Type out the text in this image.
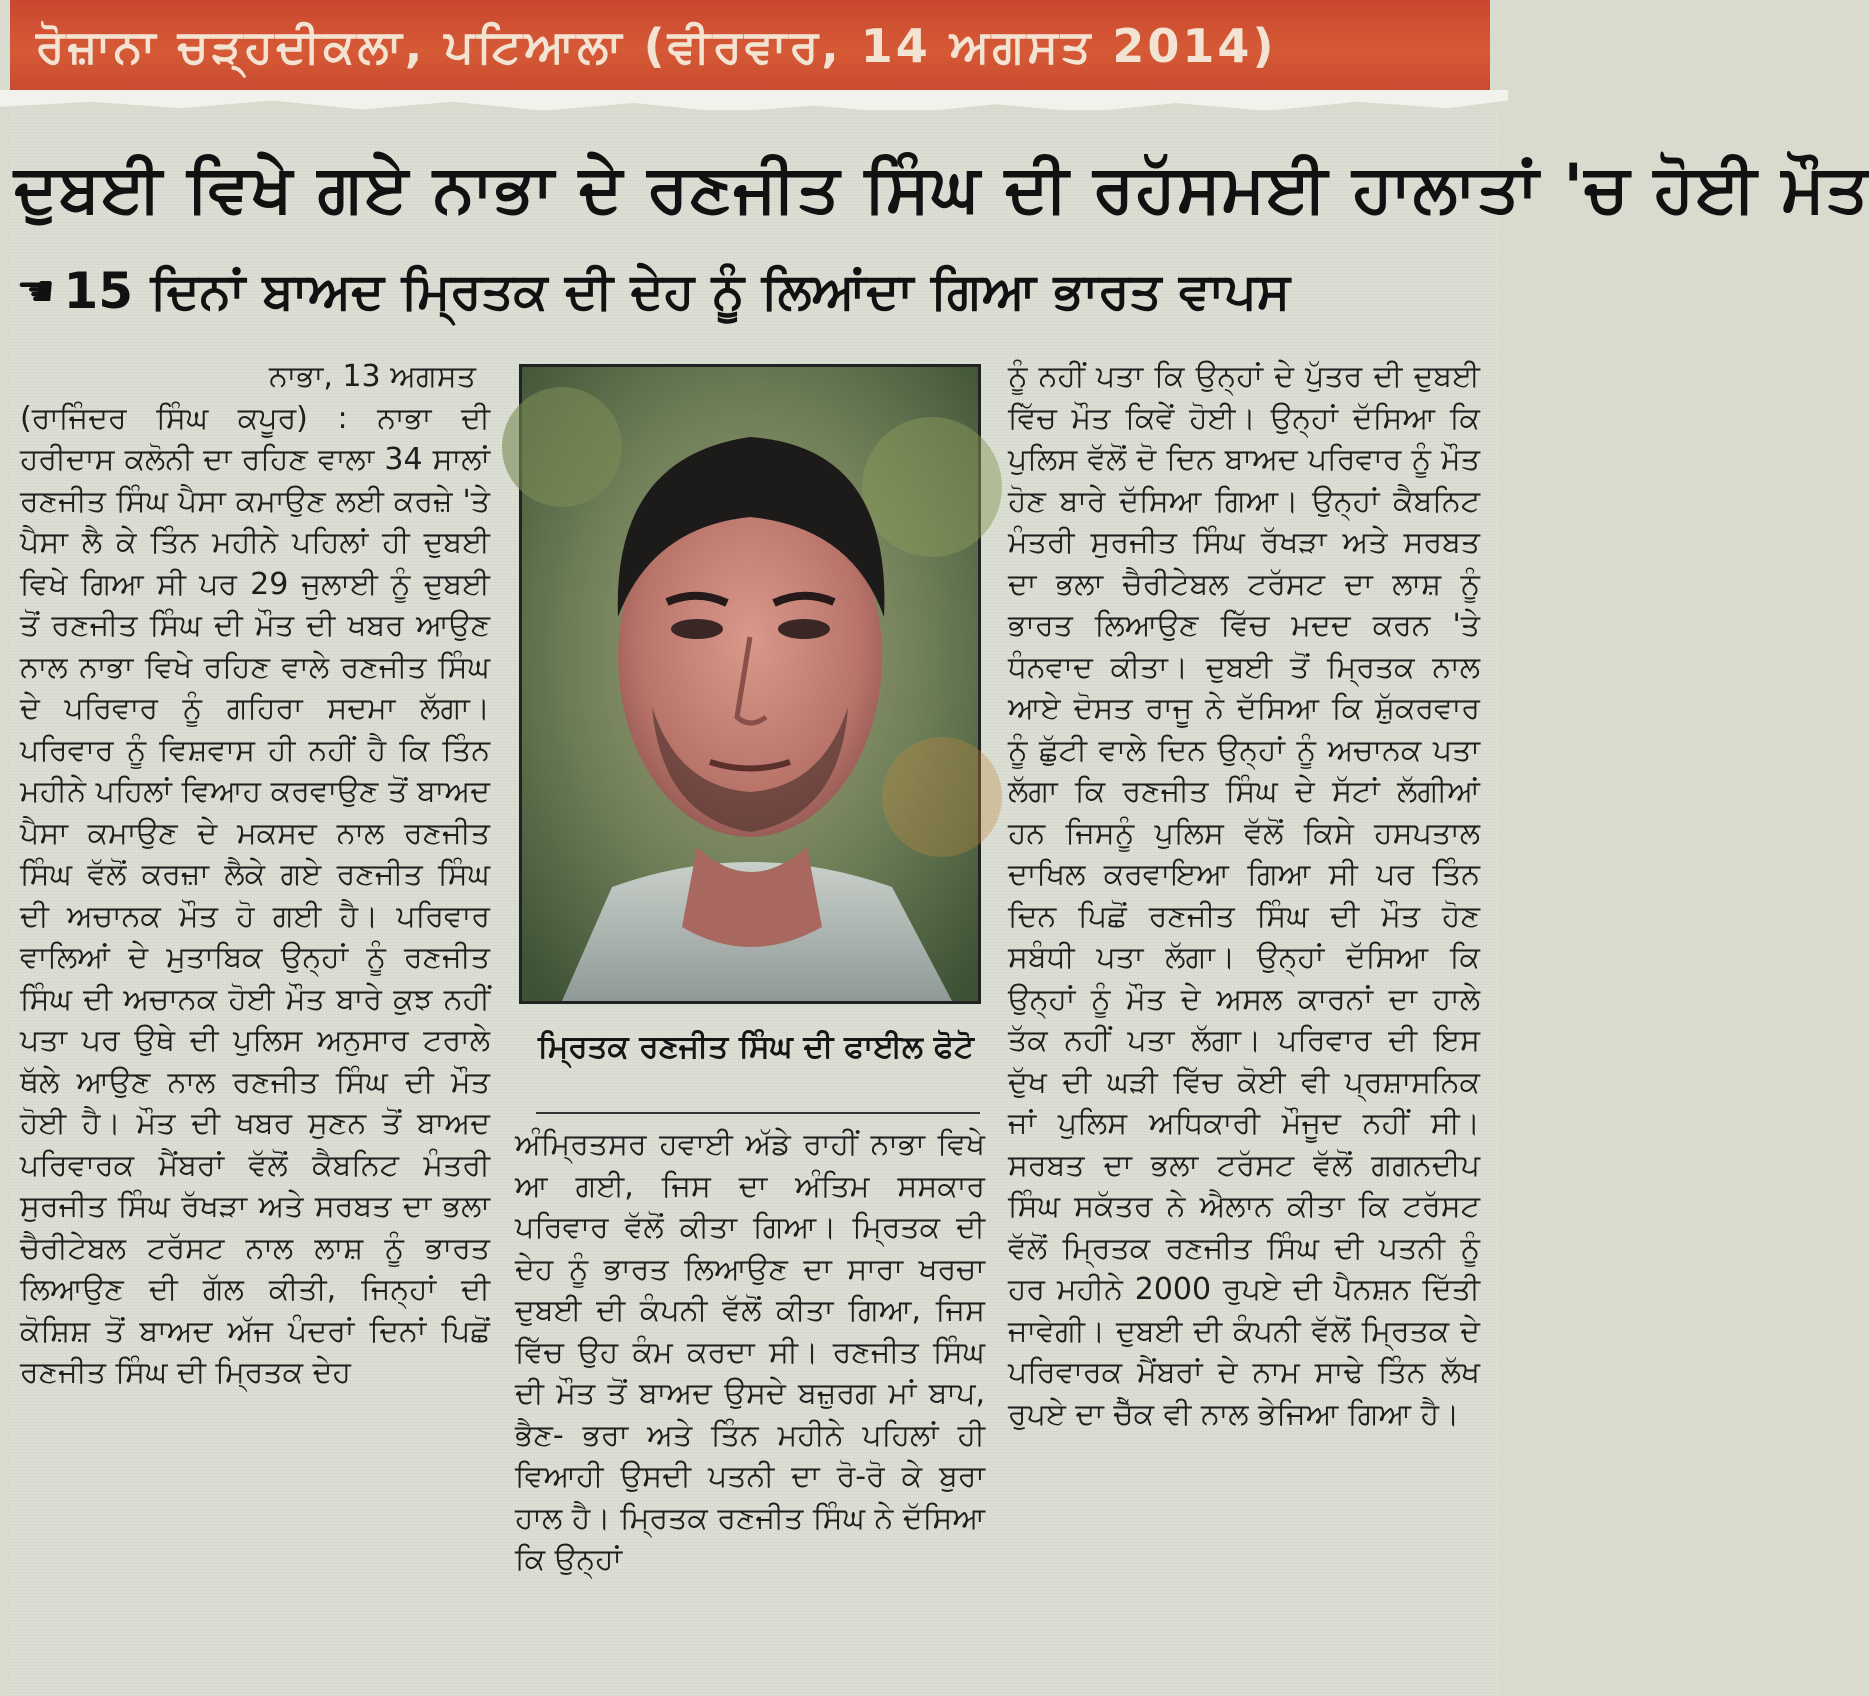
ਰੋਜ਼ਾਨਾ ਚੜ੍ਹਦੀਕਲਾ, ਪਟਿਆਲਾ (ਵੀਰਵਾਰ, 14 ਅਗਸਤ 2014)
ਦੁਬਈ ਵਿਖੇ ਗਏ ਨਾਭਾ ਦੇ ਰਣਜੀਤ ਸਿੰਘ ਦੀ ਰਹੱਸਮਈ ਹਾਲਾਤਾਂ 'ਚ ਹੋਈ ਮੌਤ
☚ 15 ਦਿਨਾਂ ਬਾਅਦ ਮ੍ਰਿਤਕ ਦੀ ਦੇਹ ਨੂੰ ਲਿਆਂਦਾ ਗਿਆ ਭਾਰਤ ਵਾਪਸ
ਨਾਭਾ, 13 ਅਗਸਤ
(ਰਾਜਿੰਦਰ ਸਿੰਘ ਕਪੂਰ) : ਨਾਭਾ ਦੀ ਹਰੀਦਾਸ ਕਲੋਨੀ ਦਾ ਰਹਿਣ ਵਾਲਾ 34 ਸਾਲਾਂ ਰਣਜੀਤ ਸਿੰਘ ਪੈਸਾ ਕਮਾਉਣ ਲਈ ਕਰਜ਼ੇ 'ਤੇ ਪੈਸਾ ਲੈ ਕੇ ਤਿੰਨ ਮਹੀਨੇ ਪਹਿਲਾਂ ਹੀ ਦੁਬਈ ਵਿਖੇ ਗਿਆ ਸੀ ਪਰ 29 ਜੁਲਾਈ ਨੂੰ ਦੁਬਈ ਤੋਂ ਰਣਜੀਤ ਸਿੰਘ ਦੀ ਮੌਤ ਦੀ ਖਬਰ ਆਉਣ ਨਾਲ ਨਾਭਾ ਵਿਖੇ ਰਹਿਣ ਵਾਲੇ ਰਣਜੀਤ ਸਿੰਘ ਦੇ ਪਰਿਵਾਰ ਨੂੰ ਗਹਿਰਾ ਸਦਮਾ ਲੱਗਾ। ਪਰਿਵਾਰ ਨੂੰ ਵਿਸ਼ਵਾਸ ਹੀ ਨਹੀਂ ਹੈ ਕਿ ਤਿੰਨ ਮਹੀਨੇ ਪਹਿਲਾਂ ਵਿਆਹ ਕਰਵਾਉਣ ਤੋਂ ਬਾਅਦ ਪੈਸਾ ਕਮਾਉਣ ਦੇ ਮਕਸਦ ਨਾਲ ਰਣਜੀਤ ਸਿੰਘ ਵੱਲੋਂ ਕਰਜ਼ਾ ਲੈਕੇ ਗਏ ਰਣਜੀਤ ਸਿੰਘ ਦੀ ਅਚਾਨਕ ਮੌਤ ਹੋ ਗਈ ਹੈ। ਪਰਿਵਾਰ ਵਾਲਿਆਂ ਦੇ ਮੁਤਾਬਿਕ ਉਨ੍ਹਾਂ ਨੂੰ ਰਣਜੀਤ ਸਿੰਘ ਦੀ ਅਚਾਨਕ ਹੋਈ ਮੌਤ ਬਾਰੇ ਕੁਝ ਨਹੀਂ ਪਤਾ ਪਰ ਉਥੇ ਦੀ ਪੁਲਿਸ ਅਨੁਸਾਰ ਟਰਾਲੇ ਥੱਲੇ ਆਉਣ ਨਾਲ ਰਣਜੀਤ ਸਿੰਘ ਦੀ ਮੌਤ ਹੋਈ ਹੈ। ਮੌਤ ਦੀ ਖਬਰ ਸੁਣਨ ਤੋਂ ਬਾਅਦ ਪਰਿਵਾਰਕ ਮੈਂਬਰਾਂ ਵੱਲੋਂ ਕੈਬਨਿਟ ਮੰਤਰੀ ਸੁਰਜੀਤ ਸਿੰਘ ਰੱਖੜਾ ਅਤੇ ਸਰਬਤ ਦਾ ਭਲਾ ਚੈਰੀਟੇਬਲ ਟਰੱਸਟ ਨਾਲ ਲਾਸ਼ ਨੂੰ ਭਾਰਤ ਲਿਆਉਣ ਦੀ ਗੱਲ ਕੀਤੀ, ਜਿਨ੍ਹਾਂ ਦੀ ਕੋਸ਼ਿਸ਼ ਤੋਂ ਬਾਅਦ ਅੱਜ ਪੰਦਰਾਂ ਦਿਨਾਂ ਪਿਛੋਂ ਰਣਜੀਤ ਸਿੰਘ ਦੀ ਮ੍ਰਿਤਕ ਦੇਹ
ਮ੍ਰਿਤਕ ਰਣਜੀਤ ਸਿੰਘ ਦੀ ਫਾਈਲ ਫੋਟੋ
ਅੰਮ੍ਰਿਤਸਰ ਹਵਾਈ ਅੱਡੇ ਰਾਹੀਂ ਨਾਭਾ ਵਿਖੇ ਆ ਗਈ, ਜਿਸ ਦਾ ਅੰਤਿਮ ਸਸਕਾਰ ਪਰਿਵਾਰ ਵੱਲੋਂ ਕੀਤਾ ਗਿਆ। ਮ੍ਰਿਤਕ ਦੀ ਦੇਹ ਨੂੰ ਭਾਰਤ ਲਿਆਉਣ ਦਾ ਸਾਰਾ ਖਰਚਾ ਦੁਬਈ ਦੀ ਕੰਪਨੀ ਵੱਲੋਂ ਕੀਤਾ ਗਿਆ, ਜਿਸ ਵਿੱਚ ਉਹ ਕੰਮ ਕਰਦਾ ਸੀ। ਰਣਜੀਤ ਸਿੰਘ ਦੀ ਮੌਤ ਤੋਂ ਬਾਅਦ ਉਸਦੇ ਬਜ਼ੁਰਗ ਮਾਂ ਬਾਪ, ਭੈਣ- ਭਰਾ ਅਤੇ ਤਿੰਨ ਮਹੀਨੇ ਪਹਿਲਾਂ ਹੀ ਵਿਆਹੀ ਉਸਦੀ ਪਤਨੀ ਦਾ ਰੋ-ਰੋ ਕੇ ਬੁਰਾ ਹਾਲ ਹੈ। ਮ੍ਰਿਤਕ ਰਣਜੀਤ ਸਿੰਘ ਨੇ ਦੱਸਿਆ ਕਿ ਉਨ੍ਹਾਂ
ਨੂੰ ਨਹੀਂ ਪਤਾ ਕਿ ਉਨ੍ਹਾਂ ਦੇ ਪੁੱਤਰ ਦੀ ਦੁਬਈ ਵਿੱਚ ਮੌਤ ਕਿਵੇਂ ਹੋਈ। ਉਨ੍ਹਾਂ ਦੱਸਿਆ ਕਿ ਪੁਲਿਸ ਵੱਲੋਂ ਦੋ ਦਿਨ ਬਾਅਦ ਪਰਿਵਾਰ ਨੂੰ ਮੌਤ ਹੋਣ ਬਾਰੇ ਦੱਸਿਆ ਗਿਆ। ਉਨ੍ਹਾਂ ਕੈਬਨਿਟ ਮੰਤਰੀ ਸੁਰਜੀਤ ਸਿੰਘ ਰੱਖੜਾ ਅਤੇ ਸਰਬਤ ਦਾ ਭਲਾ ਚੈਰੀਟੇਬਲ ਟਰੱਸਟ ਦਾ ਲਾਸ਼ ਨੂੰ ਭਾਰਤ ਲਿਆਉਣ ਵਿੱਚ ਮਦਦ ਕਰਨ 'ਤੇ ਧੰਨਵਾਦ ਕੀਤਾ। ਦੁਬਈ ਤੋਂ ਮ੍ਰਿਤਕ ਨਾਲ ਆਏ ਦੋਸਤ ਰਾਜੂ ਨੇ ਦੱਸਿਆ ਕਿ ਸ਼ੁੱਕਰਵਾਰ ਨੂੰ ਛੁੱਟੀ ਵਾਲੇ ਦਿਨ ਉਨ੍ਹਾਂ ਨੂੰ ਅਚਾਨਕ ਪਤਾ ਲੱਗਾ ਕਿ ਰਣਜੀਤ ਸਿੰਘ ਦੇ ਸੱਟਾਂ ਲੱਗੀਆਂ ਹਨ ਜਿਸਨੂੰ ਪੁਲਿਸ ਵੱਲੋਂ ਕਿਸੇ ਹਸਪਤਾਲ ਦਾਖਿਲ ਕਰਵਾਇਆ ਗਿਆ ਸੀ ਪਰ ਤਿੰਨ ਦਿਨ ਪਿਛੋਂ ਰਣਜੀਤ ਸਿੰਘ ਦੀ ਮੌਤ ਹੋਣ ਸਬੰਧੀ ਪਤਾ ਲੱਗਾ। ਉਨ੍ਹਾਂ ਦੱਸਿਆ ਕਿ ਉਨ੍ਹਾਂ ਨੂੰ ਮੌਤ ਦੇ ਅਸਲ ਕਾਰਨਾਂ ਦਾ ਹਾਲੇ ਤੱਕ ਨਹੀਂ ਪਤਾ ਲੱਗਾ। ਪਰਿਵਾਰ ਦੀ ਇਸ ਦੁੱਖ ਦੀ ਘੜੀ ਵਿੱਚ ਕੋਈ ਵੀ ਪ੍ਰਸ਼ਾਸਨਿਕ ਜਾਂ ਪੁਲਿਸ ਅਧਿਕਾਰੀ ਮੌਜੂਦ ਨਹੀਂ ਸੀ। ਸਰਬਤ ਦਾ ਭਲਾ ਟਰੱਸਟ ਵੱਲੋਂ ਗਗਨਦੀਪ ਸਿੰਘ ਸਕੱਤਰ ਨੇ ਐਲਾਨ ਕੀਤਾ ਕਿ ਟਰੱਸਟ ਵੱਲੋਂ ਮ੍ਰਿਤਕ ਰਣਜੀਤ ਸਿੰਘ ਦੀ ਪਤਨੀ ਨੂੰ ਹਰ ਮਹੀਨੇ 2000 ਰੁਪਏ ਦੀ ਪੈਨਸ਼ਨ ਦਿੱਤੀ ਜਾਵੇਗੀ। ਦੁਬਈ ਦੀ ਕੰਪਨੀ ਵੱਲੋਂ ਮ੍ਰਿਤਕ ਦੇ ਪਰਿਵਾਰਕ ਮੈਂਬਰਾਂ ਦੇ ਨਾਮ ਸਾਢੇ ਤਿੰਨ ਲੱਖ ਰੁਪਏ ਦਾ ਚੈੱਕ ਵੀ ਨਾਲ ਭੇਜਿਆ ਗਿਆ ਹੈ।
